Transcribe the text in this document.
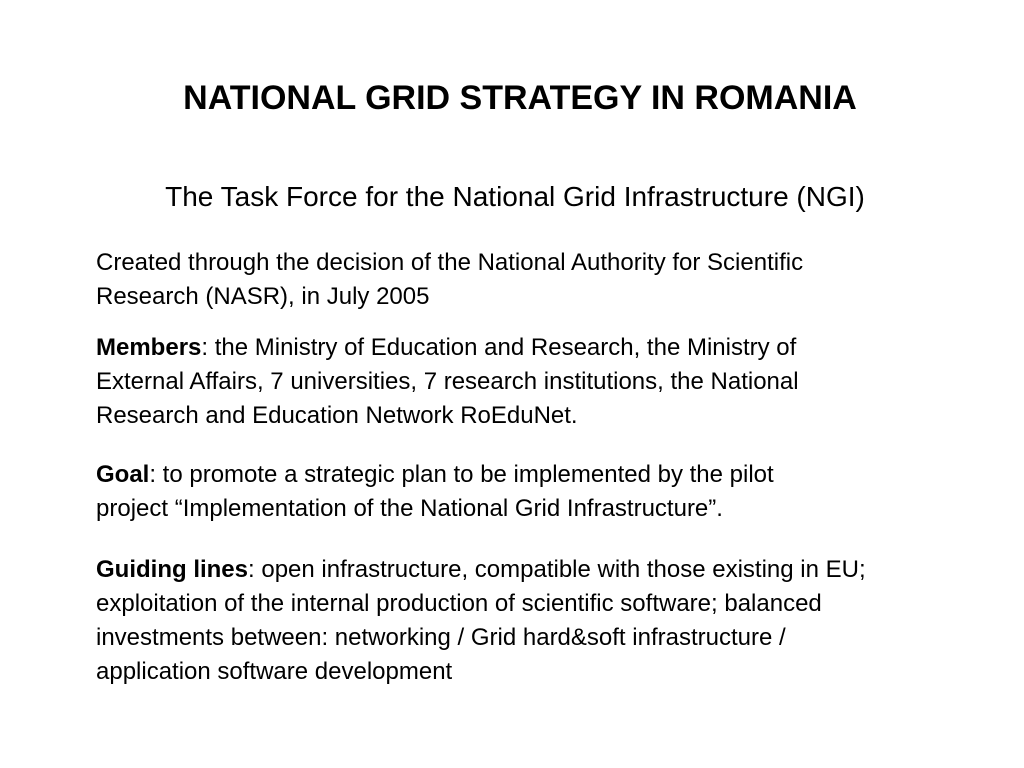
NATIONAL GRID STRATEGY IN ROMANIA
The Task Force for the National Grid Infrastructure (NGI)
Created through the decision of the National Authority for Scientific
Research (NASR), in July 2005
Members: the Ministry of Education and Research, the Ministry of
External Affairs, 7 universities, 7 research institutions, the National
Research and Education Network RoEduNet.
Goal: to promote a strategic plan to be implemented by the pilot
project “Implementation of the National Grid Infrastructure”.
Guiding lines: open infrastructure, compatible with those existing in EU;
exploitation of the internal production of scientific software; balanced
investments between: networking / Grid hard&soft infrastructure /
application software development
